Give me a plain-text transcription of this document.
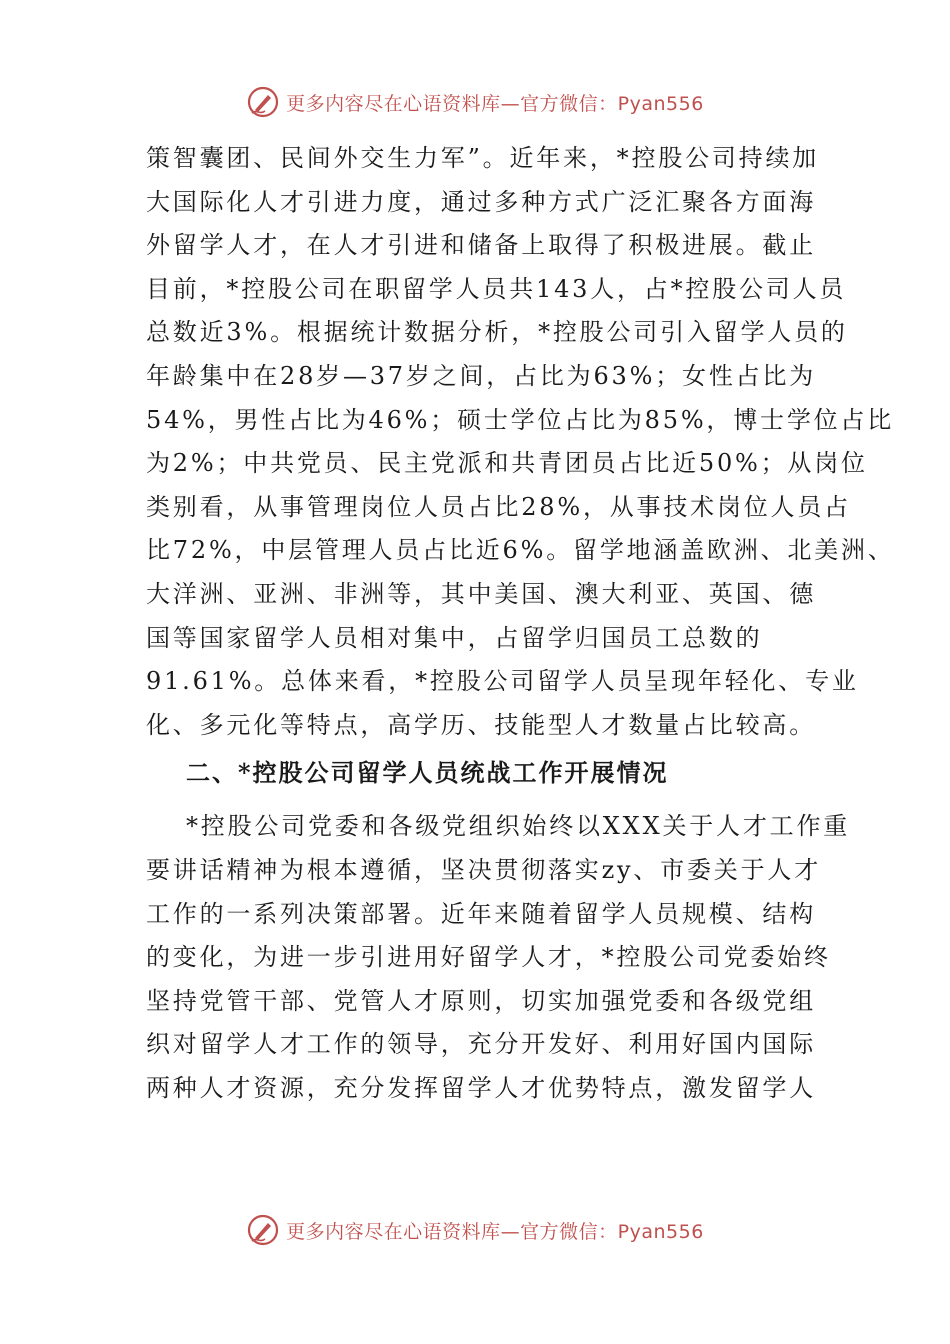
更多内容尽在心语资料库—官方微信：Pyan556
策智囊团、民间外交生力军”。近年来，*控股公司持续加
大国际化人才引进力度，通过多种方式广泛汇聚各方面海
外留学人才，在人才引进和储备上取得了积极进展。截止
目前，*控股公司在职留学人员共143人，占*控股公司人员
总数近3%。根据统计数据分析，*控股公司引入留学人员的
年龄集中在28岁—37岁之间，占比为63%；女性占比为
54%，男性占比为46%；硕士学位占比为85%，博士学位占比
为2%；中共党员、民主党派和共青团员占比近50%；从岗位
类别看，从事管理岗位人员占比28%，从事技术岗位人员占
比72%，中层管理人员占比近6%。留学地涵盖欧洲、北美洲、
大洋洲、亚洲、非洲等，其中美国、澳大利亚、英国、德
国等国家留学人员相对集中，占留学归国员工总数的
91.61%。总体来看，*控股公司留学人员呈现年轻化、专业
化、多元化等特点，高学历、技能型人才数量占比较高。
二、*控股公司留学人员统战工作开展情况
*控股公司党委和各级党组织始终以XXX关于人才工作重
要讲话精神为根本遵循，坚决贯彻落实zy、市委关于人才
工作的一系列决策部署。近年来随着留学人员规模、结构
的变化，为进一步引进用好留学人才，*控股公司党委始终
坚持党管干部、党管人才原则，切实加强党委和各级党组
织对留学人才工作的领导，充分开发好、利用好国内国际
两种人才资源，充分发挥留学人才优势特点，激发留学人
更多内容尽在心语资料库—官方微信：Pyan556
